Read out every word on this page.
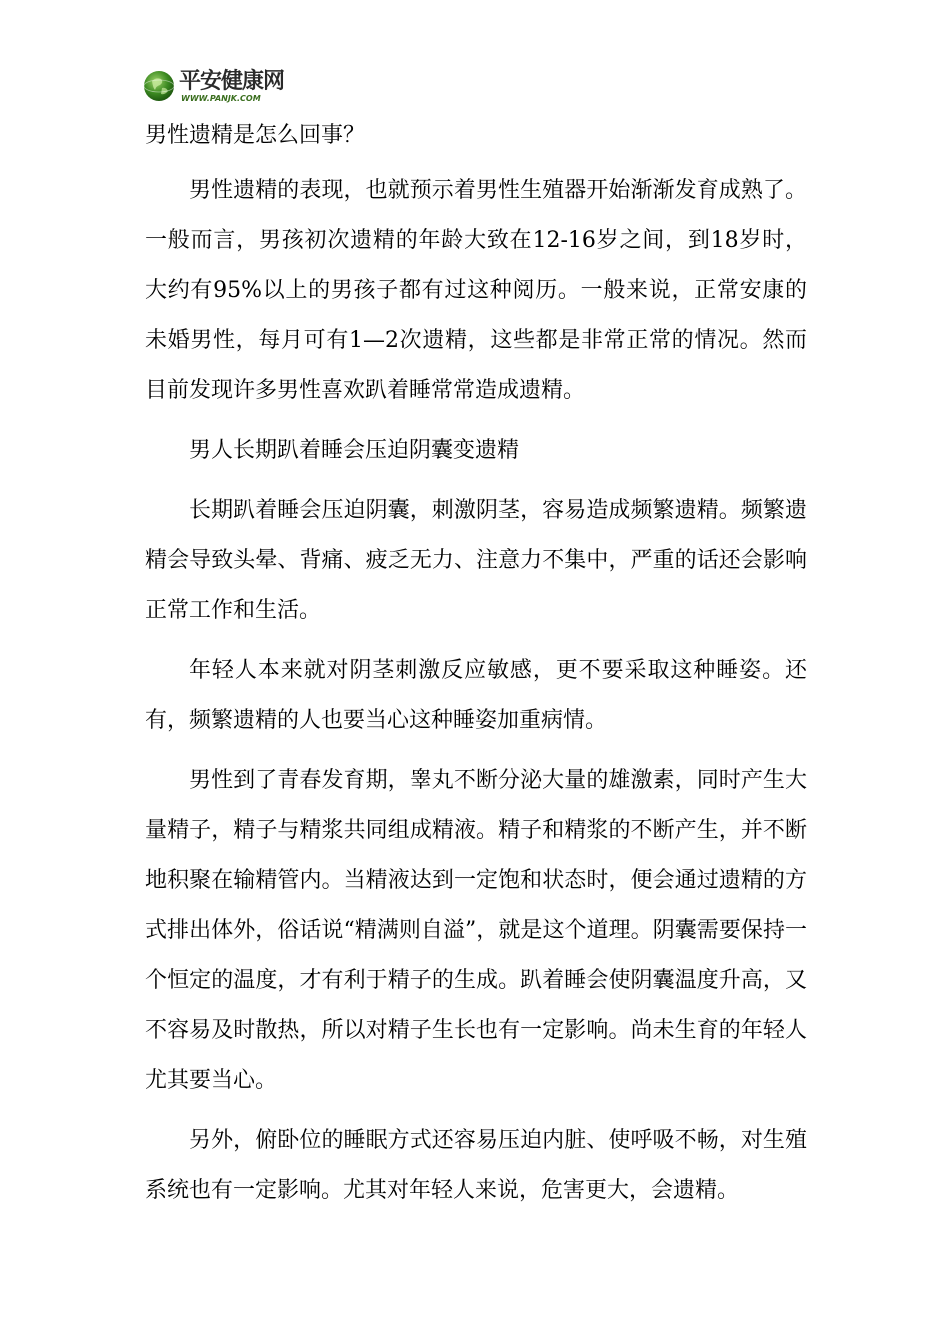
平安健康网
WWW.PANJK.COM
男性遗精是怎么回事？

男性遗精的表现，也就预示着男性生殖器开始渐渐发育成熟了。一般而言，男孩初次遗精的年龄大致在12-16岁之间，到18岁时，大约有95%以上的男孩子都有过这种阅历。一般来说，正常安康的未婚男性，每月可有1—2次遗精，这些都是非常正常的情况。然而目前发现许多男性喜欢趴着睡常常造成遗精。

男人长期趴着睡会压迫阴囊变遗精

长期趴着睡会压迫阴囊，刺激阴茎，容易造成频繁遗精。频繁遗精会导致头晕、背痛、疲乏无力、注意力不集中，严重的话还会影响正常工作和生活。

年轻人本来就对阴茎刺激反应敏感，更不要采取这种睡姿。还有，频繁遗精的人也要当心这种睡姿加重病情。

男性到了青春发育期，睾丸不断分泌大量的雄激素，同时产生大量精子，精子与精浆共同组成精液。精子和精浆的不断产生，并不断地积聚在输精管内。当精液达到一定饱和状态时，便会通过遗精的方式排出体外，俗话说“精满则自溢”，就是这个道理。阴囊需要保持一个恒定的温度，才有利于精子的生成。趴着睡会使阴囊温度升高，又不容易及时散热，所以对精子生长也有一定影响。尚未生育的年轻人尤其要当心。

另外，俯卧位的睡眠方式还容易压迫内脏、使呼吸不畅，对生殖系统也有一定影响。尤其对年轻人来说，危害更大，会遗精。
